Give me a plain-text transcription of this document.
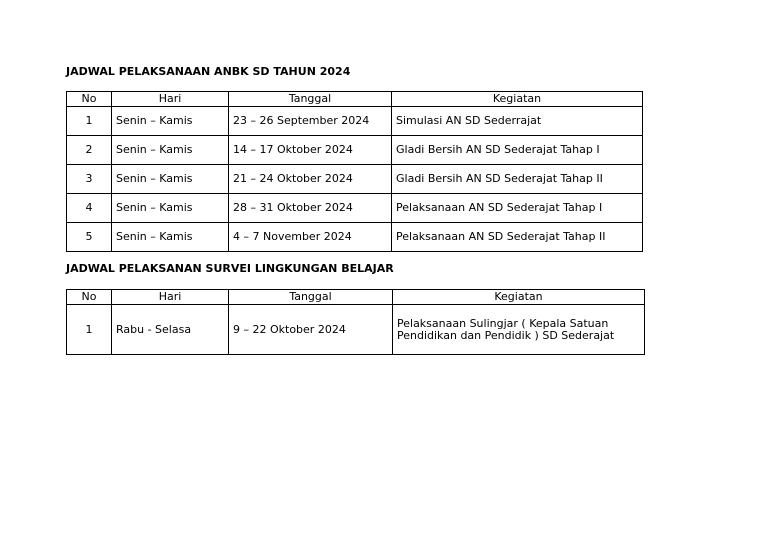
JADWAL PELAKSANAAN ANBK SD TAHUN 2024
No	Hari	Tanggal	Kegiatan
1	Senin – Kamis	23 – 26 September 2024	Simulasi AN SD Sederrajat
2	Senin – Kamis	14 – 17 Oktober 2024	Gladi Bersih AN SD Sederajat Tahap I
3	Senin – Kamis	21 – 24 Oktober 2024	Gladi Bersih AN SD Sederajat Tahap II
4	Senin – Kamis	28 – 31 Oktober 2024	Pelaksanaan AN SD Sederajat Tahap I
5	Senin – Kamis	4 – 7 November 2024	Pelaksanaan AN SD Sederajat Tahap II
JADWAL PELAKSANAN SURVEI LINGKUNGAN BELAJAR
No	Hari	Tanggal	Kegiatan
1	Rabu - Selasa	9 – 22 Oktober 2024	Pelaksanaan Sulingjar ( Kepala Satuan Pendidikan dan Pendidik ) SD Sederajat
